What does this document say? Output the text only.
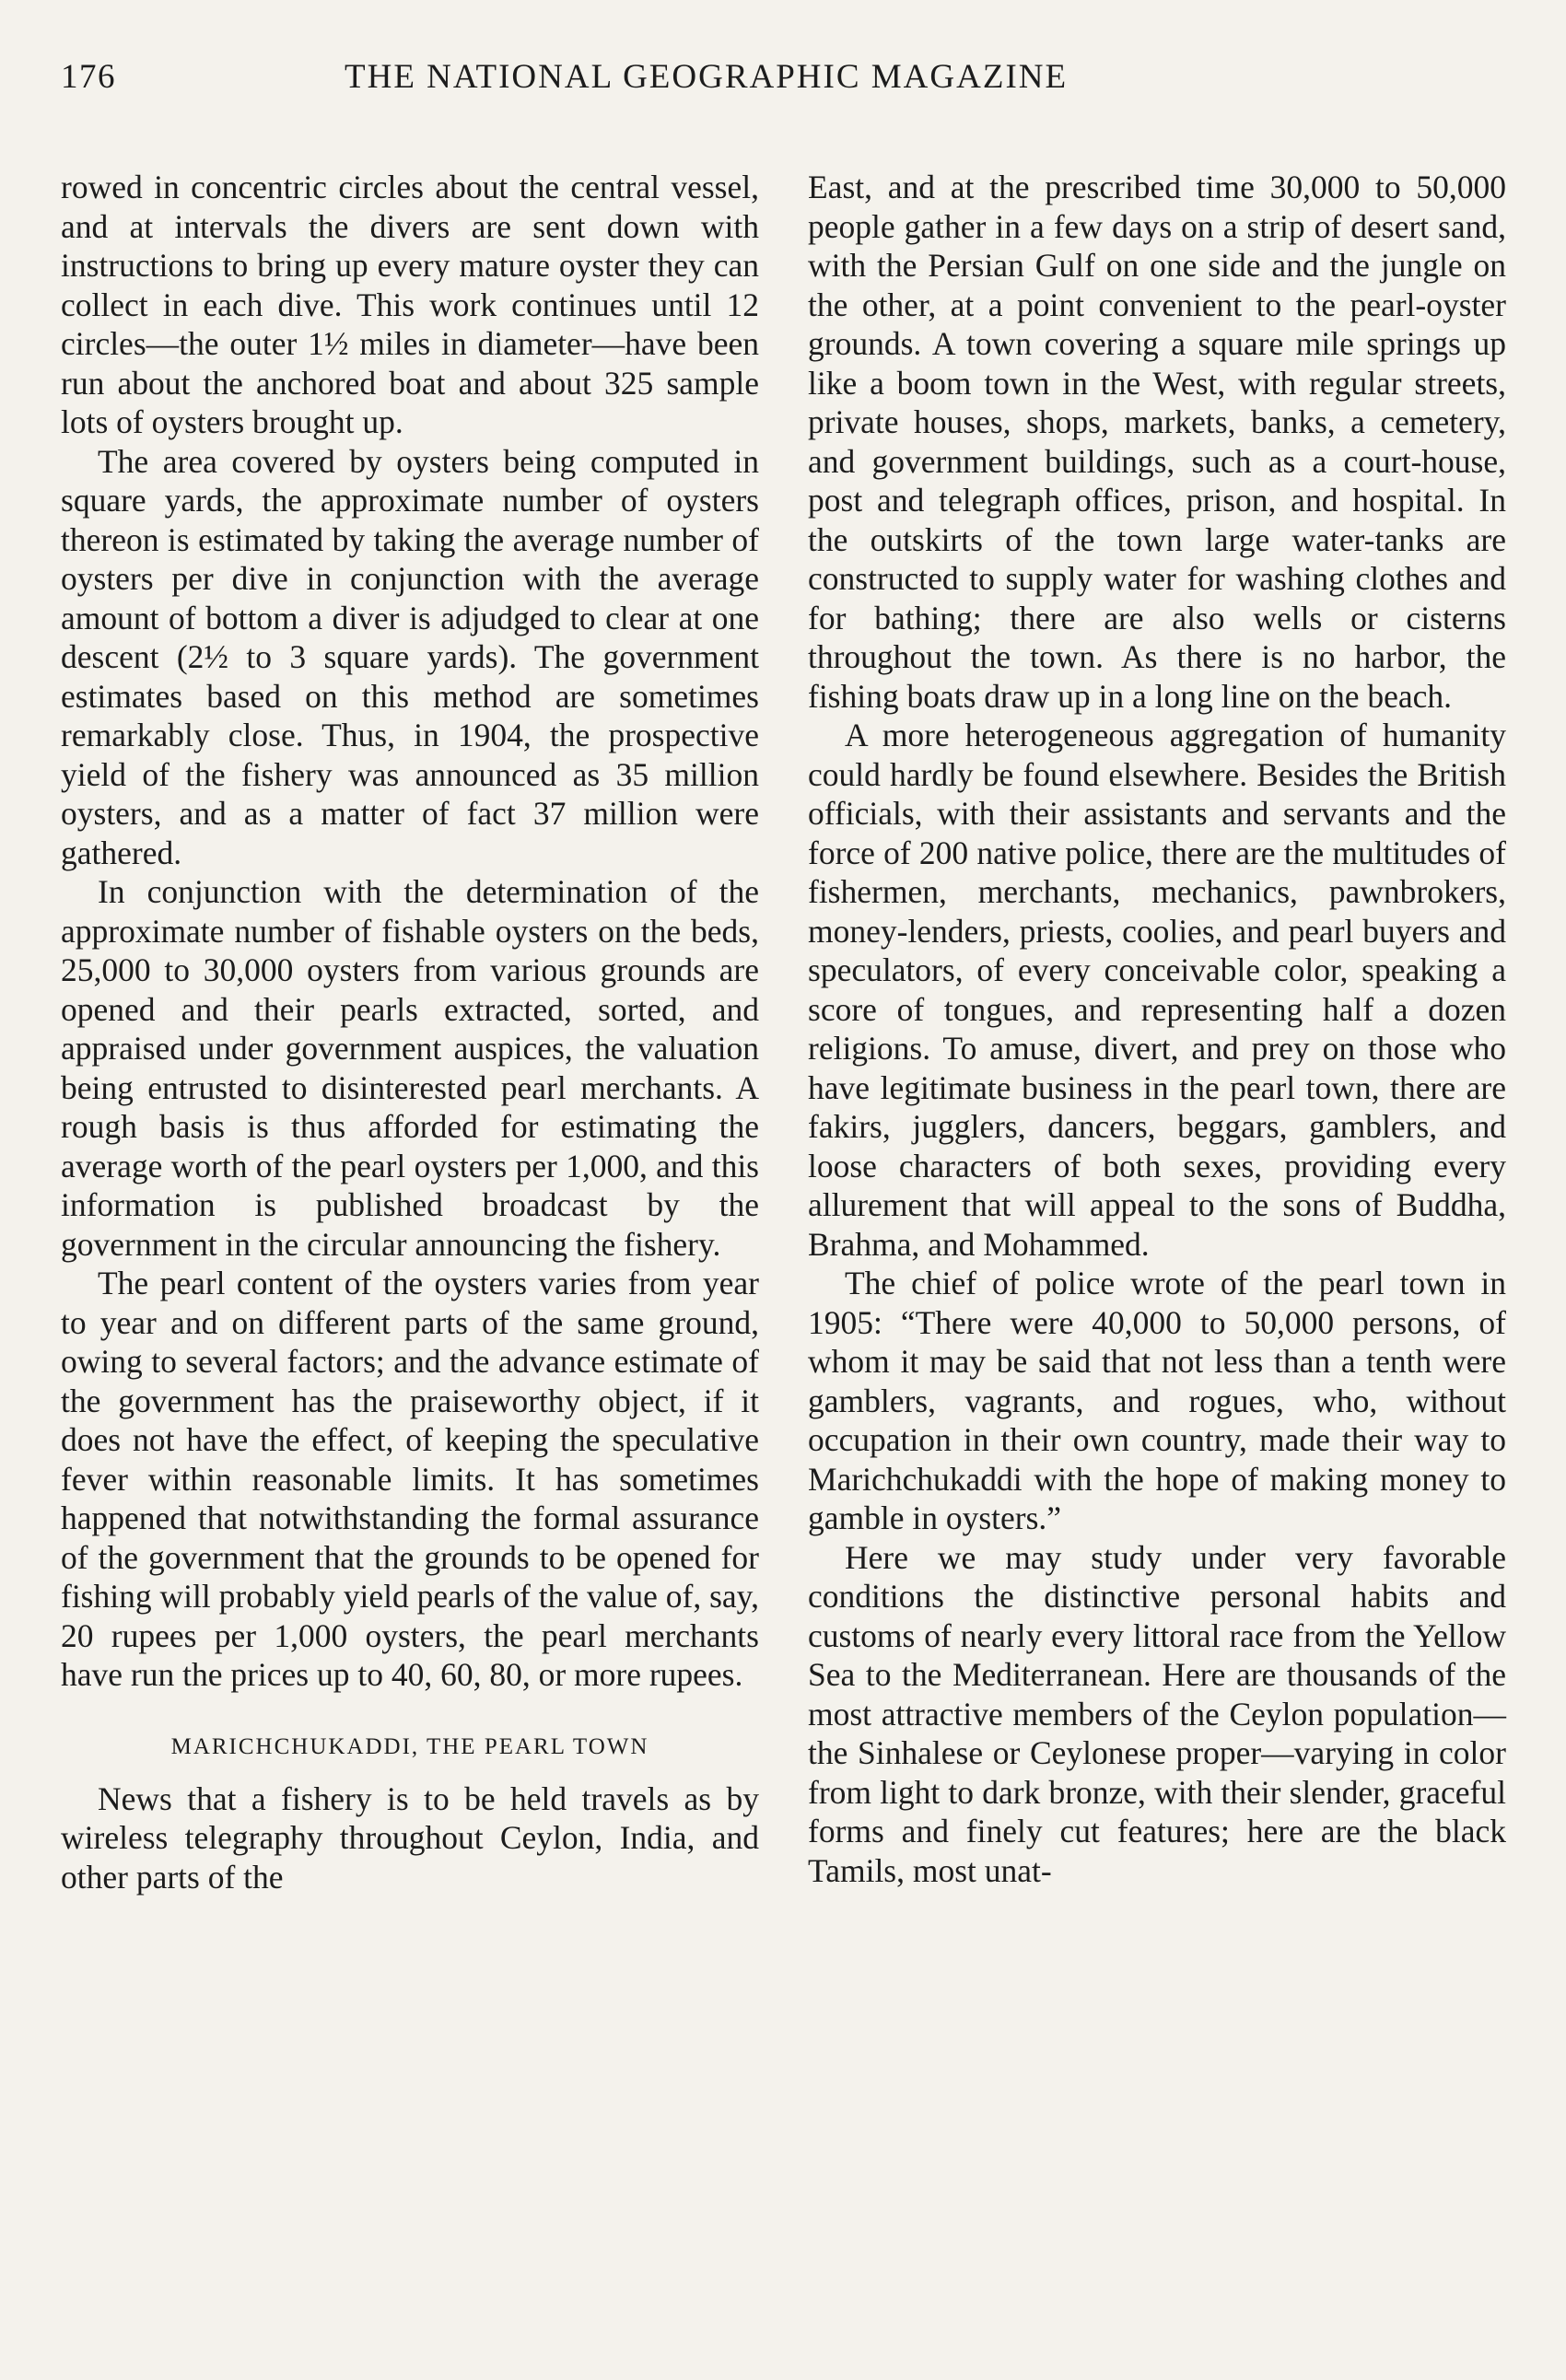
176	THE NATIONAL GEOGRAPHIC MAGAZINE

rowed in concentric circles about the central vessel, and at intervals the divers are sent down with instructions to bring up every mature oyster they can collect in each dive. This work continues until 12 circles—the outer 1½ miles in diameter—have been run about the anchored boat and about 325 sample lots of oysters brought up.

The area covered by oysters being computed in square yards, the approximate number of oysters thereon is estimated by taking the average number of oysters per dive in conjunction with the average amount of bottom a diver is adjudged to clear at one descent (2½ to 3 square yards). The government estimates based on this method are sometimes remarkably close. Thus, in 1904, the prospective yield of the fishery was announced as 35 million oysters, and as a matter of fact 37 million were gathered.

In conjunction with the determination of the approximate number of fishable oysters on the beds, 25,000 to 30,000 oysters from various grounds are opened and their pearls extracted, sorted, and appraised under government auspices, the valuation being entrusted to disinterested pearl merchants. A rough basis is thus afforded for estimating the average worth of the pearl oysters per 1,000, and this information is published broadcast by the government in the circular announcing the fishery.

The pearl content of the oysters varies from year to year and on different parts of the same ground, owing to several factors; and the advance estimate of the government has the praiseworthy object, if it does not have the effect, of keeping the speculative fever within reasonable limits. It has sometimes happened that notwithstanding the formal assurance of the government that the grounds to be opened for fishing will probably yield pearls of the value of, say, 20 rupees per 1,000 oysters, the pearl merchants have run the prices up to 40, 60, 80, or more rupees.

MARICHCHUKADDI, THE PEARL TOWN

News that a fishery is to be held travels as by wireless telegraphy throughout Ceylon, India, and other parts of the

East, and at the prescribed time 30,000 to 50,000 people gather in a few days on a strip of desert sand, with the Persian Gulf on one side and the jungle on the other, at a point convenient to the pearl-oyster grounds. A town covering a square mile springs up like a boom town in the West, with regular streets, private houses, shops, markets, banks, a cemetery, and government buildings, such as a court-house, post and telegraph offices, prison, and hospital. In the outskirts of the town large water-tanks are constructed to supply water for washing clothes and for bathing; there are also wells or cisterns throughout the town. As there is no harbor, the fishing boats draw up in a long line on the beach.

A more heterogeneous aggregation of humanity could hardly be found elsewhere. Besides the British officials, with their assistants and servants and the force of 200 native police, there are the multitudes of fishermen, merchants, mechanics, pawnbrokers, money-lenders, priests, coolies, and pearl buyers and speculators, of every conceivable color, speaking a score of tongues, and representing half a dozen religions. To amuse, divert, and prey on those who have legitimate business in the pearl town, there are fakirs, jugglers, dancers, beggars, gamblers, and loose characters of both sexes, providing every allurement that will appeal to the sons of Buddha, Brahma, and Mohammed.

The chief of police wrote of the pearl town in 1905: “There were 40,000 to 50,000 persons, of whom it may be said that not less than a tenth were gamblers, vagrants, and rogues, who, without occupation in their own country, made their way to Marichchukaddi with the hope of making money to gamble in oysters.”

Here we may study under very favorable conditions the distinctive personal habits and customs of nearly every littoral race from the Yellow Sea to the Mediterranean. Here are thousands of the most attractive members of the Ceylon population—the Sinhalese or Ceylonese proper—varying in color from light to dark bronze, with their slender, graceful forms and finely cut features; here are the black Tamils, most unat-
